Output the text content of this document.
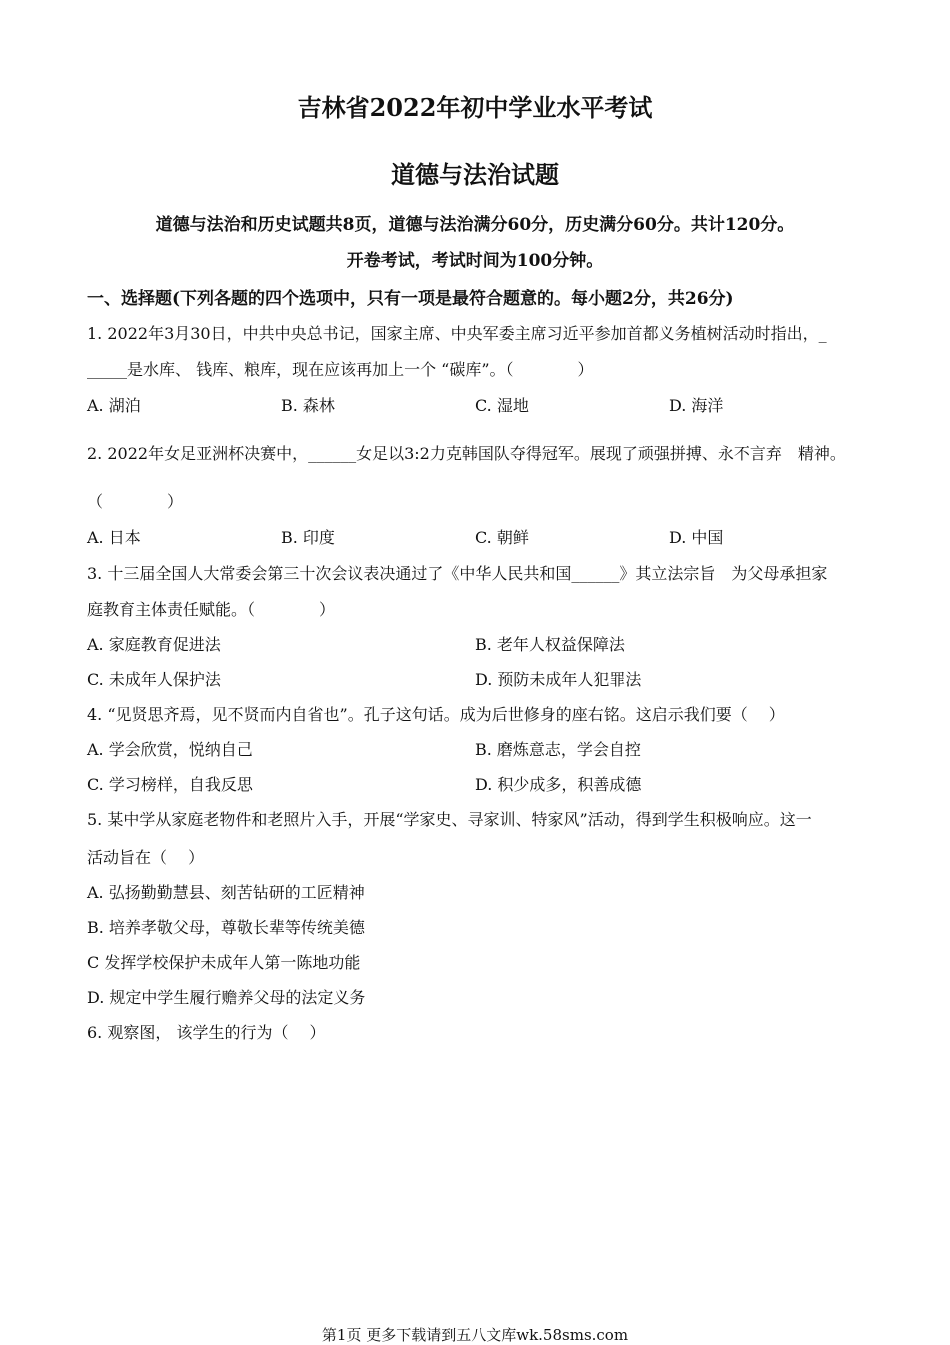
吉林省2022年初中学业水平考试
道德与法治试题
道德与法治和历史试题共8页，道德与法治满分60分，历史满分60分。共计120分。
开卷考试，考试时间为100分钟。
一、选择题(下列各题的四个选项中，只有一项是最符合题意的。每小题2分，共26分)
1. 2022年3月30日，中共中央总书记，国家主席、中央军委主席习近平参加首都义务植树活动时指出，_
_____是水库、 钱库、粮库，现在应该再加上一个 “碳库”。（　　　　）
A. 湖泊	B. 森林	C. 湿地	D. 海洋
2. 2022年女足亚洲杯决赛中，______女足以3:2力克韩国队夺得冠军。展现了顽强拼搏、永不言弃　精神。
（　　　　）
A. 日本	B. 印度	C. 朝鲜	D. 中国
3. 十三届全国人大常委会第三十次会议表决通过了《中华人民共和国______》其立法宗旨　为父母承担家
庭教育主体责任赋能。（　　　　）
A. 家庭教育促进法	B. 老年人权益保障法
C. 未成年人保护法	D. 预防未成年人犯罪法
4. “见贤思齐焉，见不贤而内自省也”。孔子这句话。成为后世修身的座右铭。这启示我们要（　 ）
A. 学会欣赏，悦纳自己	B. 磨炼意志，学会自控
C. 学习榜样，自我反思	D. 积少成多，积善成德
5. 某中学从家庭老物件和老照片入手，开展“学家史、寻家训、特家风”活动，得到学生积极响应。这一
活动旨在（　 ）
A. 弘扬勤勤慧县、刻苦钻研的工匠精神
B. 培养孝敬父母，尊敬长辈等传统美德
C 发挥学校保护未成年人第一陈地功能
D. 规定中学生履行赡养父母的法定义务
6. 观察图， 该学生的行为（　 ）
第1页 更多下载请到五八文库wk.58sms.com
